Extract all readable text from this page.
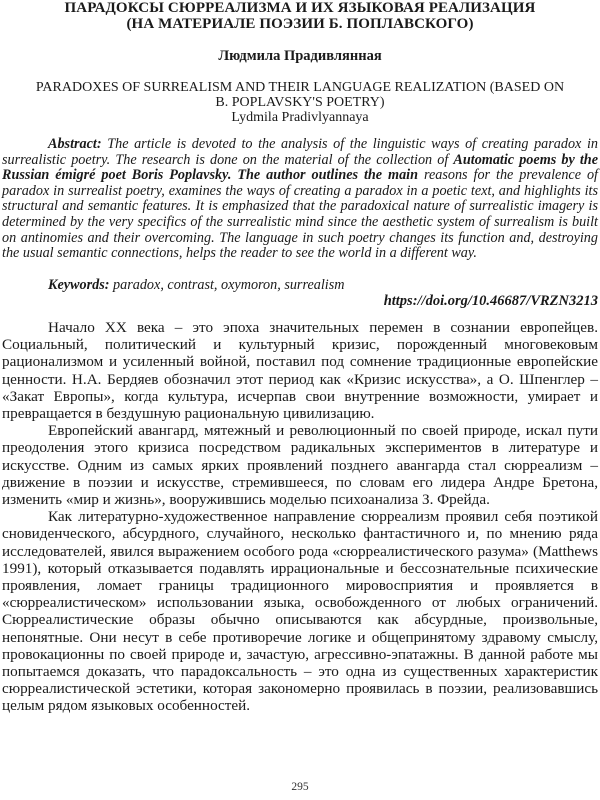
ПАРАДОКСЫ СЮРРЕАЛИЗМА И ИХ ЯЗЫКОВАЯ РЕАЛИЗАЦИЯ
(НА МАТЕРИАЛЕ ПОЭЗИИ Б. ПОПЛАВСКОГО)
Людмила Прадивлянная
PARADOXES OF SURREALISM AND THEIR LANGUAGE REALIZATION (BASED ON
B. POPLAVSKY'S POETRY)
Lydmila Pradivlyannaya
Abstract: The article is devoted to the analysis of the linguistic ways of creating paradox in surrealistic poetry. The research is done on the material of the collection of Automatic poems by the Russian émigré poet Boris Poplavsky. The author outlines the main reasons for the prevalence of paradox in surrealist poetry, examines the ways of creating a paradox in a poetic text, and highlights its structural and semantic features. It is emphasized that the paradoxical nature of surrealistic imagery is determined by the very specifics of the surrealistic mind since the aesthetic system of surrealism is built on antinomies and their overcoming. The language in such poetry changes its function and, destroying the usual semantic connections, helps the reader to see the world in a different way.
Keywords: paradox, contrast, oxymoron, surrealism
https://doi.org/10.46687/VRZN3213

Начало XX века – это эпоха значительных перемен в сознании европейцев. Социальный, политический и культурный кризис, порожденный многовековым рационализмом и усиленный войной, поставил под сомнение традиционные европейские ценности. Н.А. Бердяев обозначил этот период как «Кризис искусства», а О. Шпенглер – «Закат Европы», когда культура, исчерпав свои внутренние возможности, умирает и превращается в бездушную рациональную цивилизацию.

Европейский авангард, мятежный и революционный по своей природе, искал пути преодоления этого кризиса посредством радикальных экспериментов в литературе и искусстве. Одним из самых ярких проявлений позднего авангарда стал сюрреализм – движение в поэзии и искусстве, стремившееся, по словам его лидера Андре Бретона, изменить «мир и жизнь», вооружившись моделью психоанализа З. Фрейда.

Как литературно-художественное направление сюрреализм проявил себя поэтикой сновиденческого, абсурдного, случайного, несколько фантастичного и, по мнению ряда исследователей, явился выражением особого рода «сюрреалистического разума» (Matthews 1991), который отказывается подавлять иррациональные и бессознательные психические проявления, ломает границы традиционного мировосприятия и проявляется в «сюрреалистическом» использовании языка, освобожденного от любых ограничений. Сюрреалистические образы обычно описываются как абсурдные, произвольные, непонятные. Они несут в себе противоречие логике и общепринятому здравому смыслу, провокационны по своей природе и, зачастую, агрессивно-эпатажны. В данной работе мы попытаемся доказать, что парадоксальность – это одна из существенных характеристик сюрреалистической эстетики, которая закономерно проявилась в поэзии, реализовавшись целым рядом языковых особенностей.

295
